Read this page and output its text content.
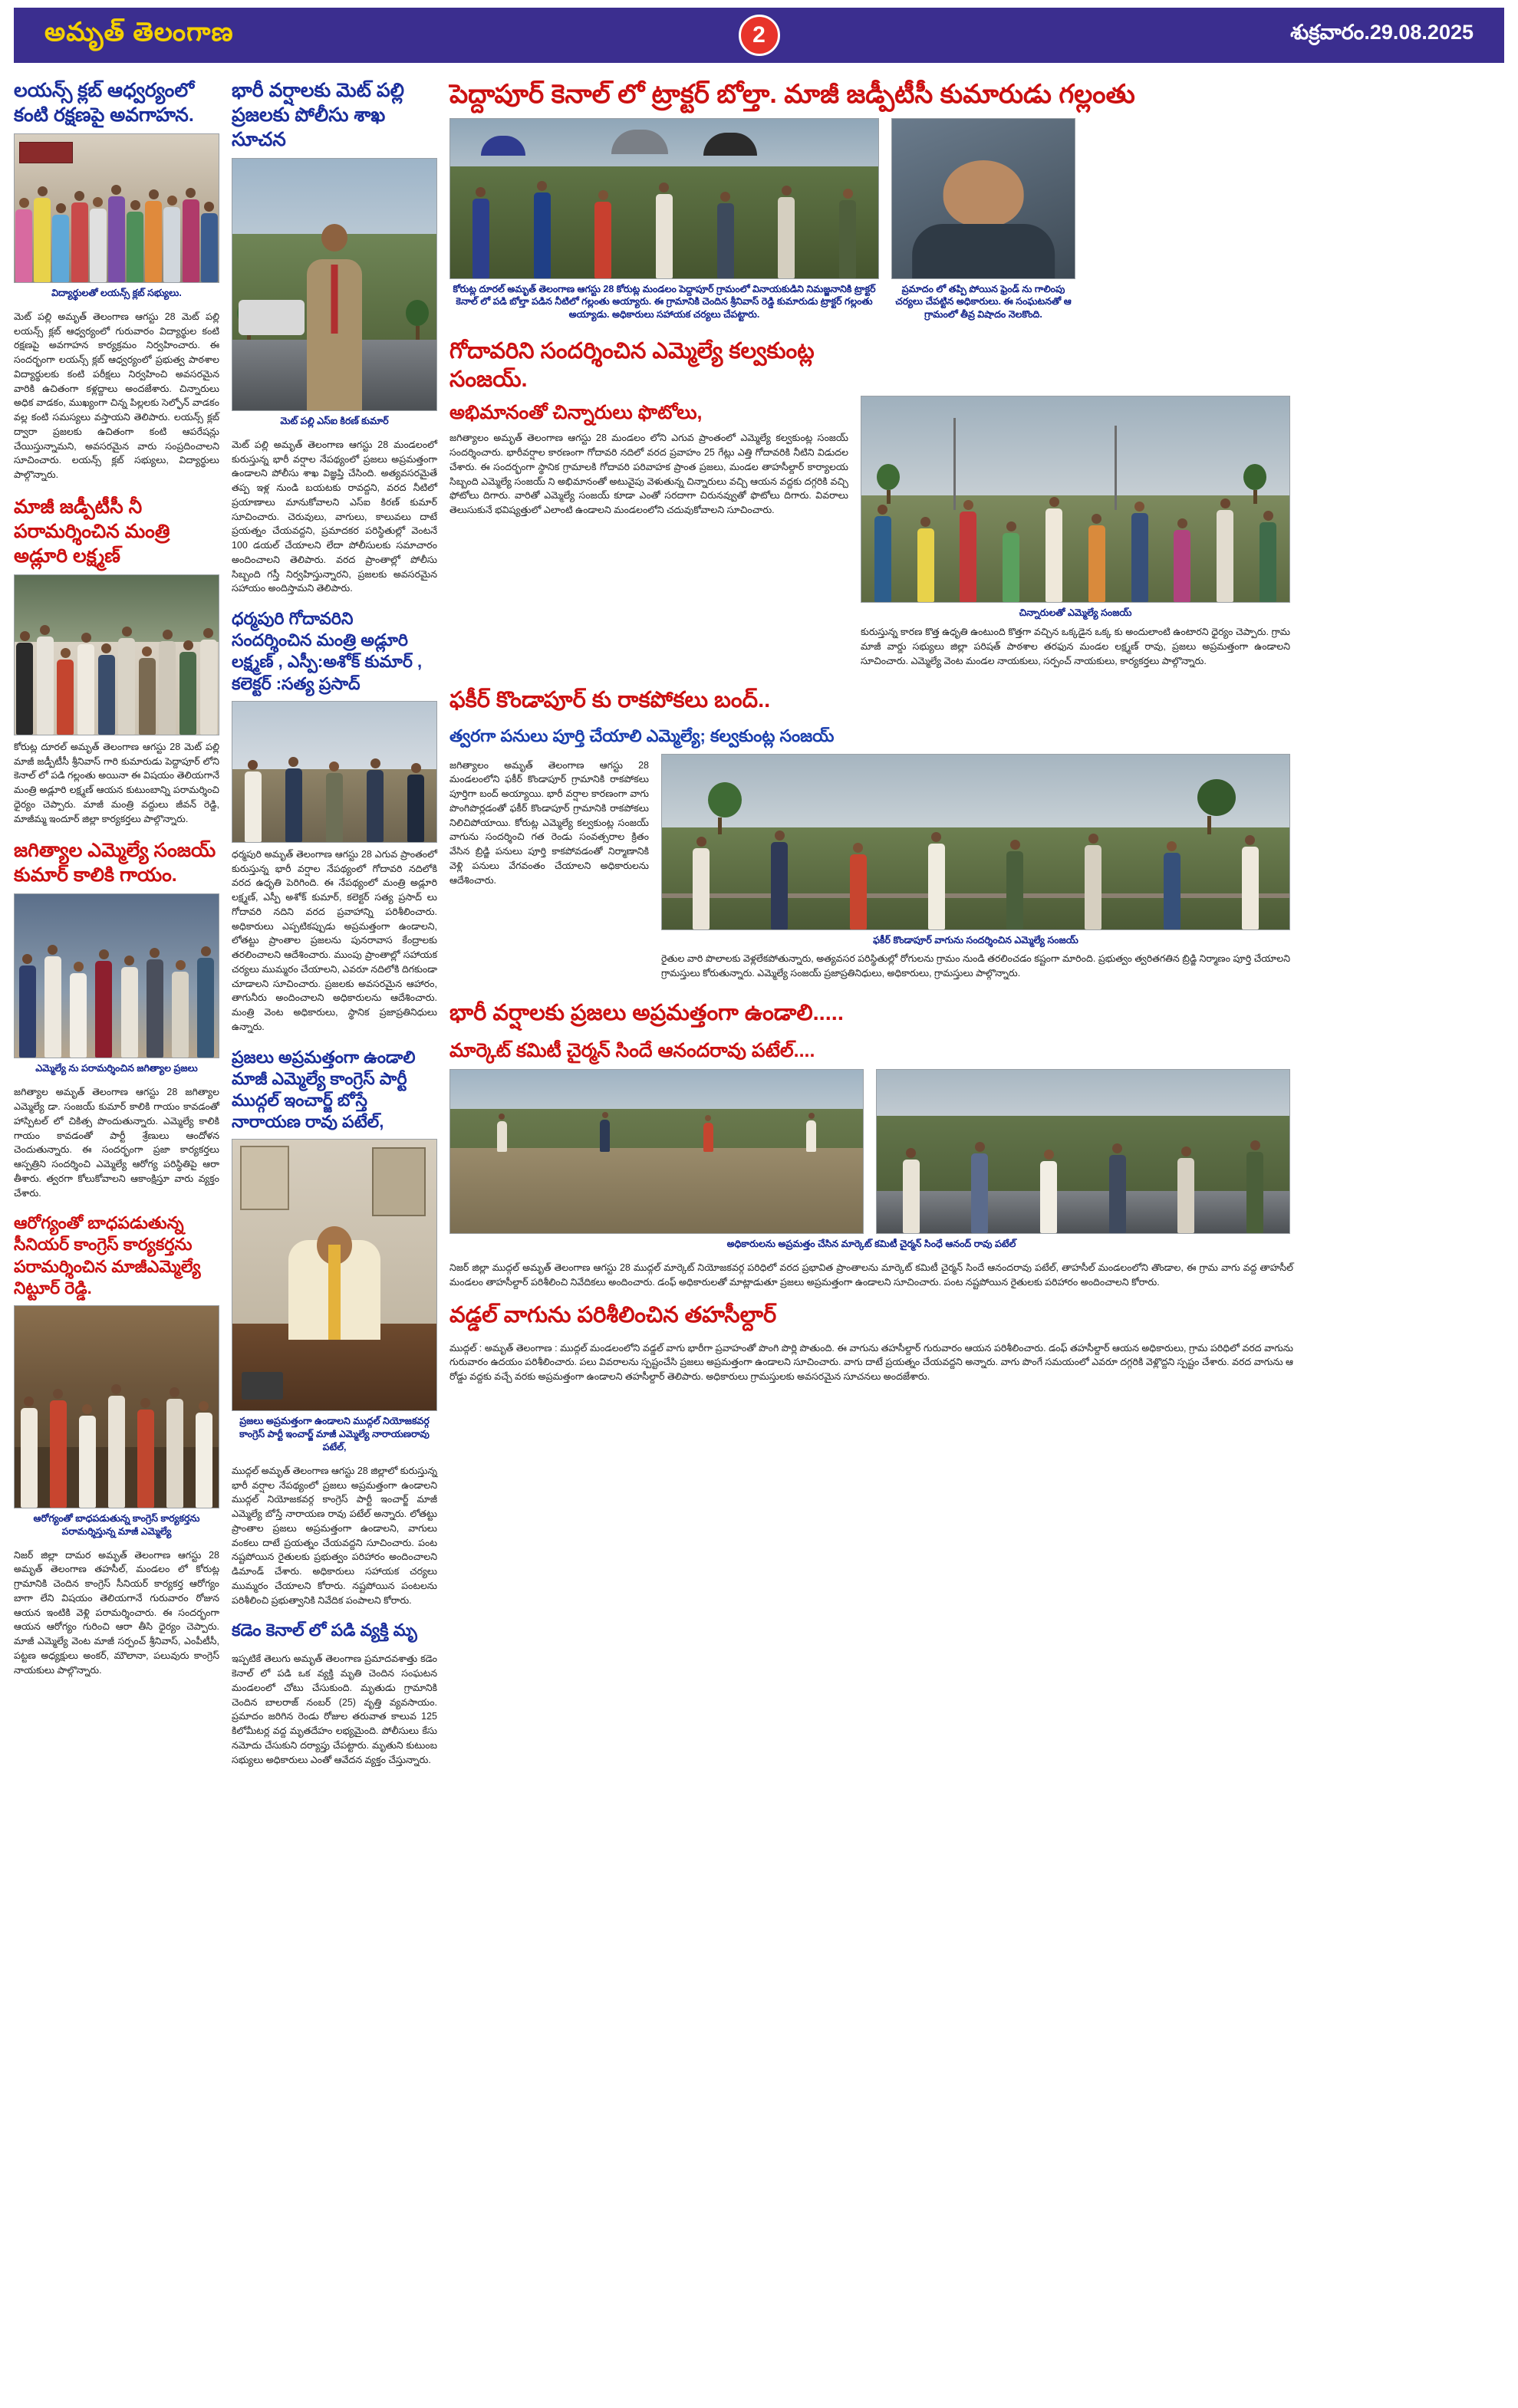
అమృత్ తెలంగాణ	2	శుక్రవారం.29.08.2025
లయన్స్ క్లబ్ ఆధ్వర్యంలో కంటి రక్షణపై అవగాహన.
విద్యార్థులతో లయన్స్ క్లబ్ సభ్యులు.
మెట్ పల్లి అమృత్ తెలంగాణ ఆగస్టు 28 మెట్ పల్లి లయన్స్ క్లబ్ ఆధ్వర్యంలో గురువారం విద్యార్థుల కంటి రక్షణపై అవగాహన కార్యక్రమం నిర్వహించారు. ఈ సందర్భంగా లయన్స్ క్లబ్ ఆధ్వర్యంలో ప్రభుత్వ పాఠశాల విద్యార్థులకు కంటి పరీక్షలు నిర్వహించి అవసరమైన వారికి ఉచితంగా కళ్లద్దాలు అందజేశారు. చిన్నారులు అధిక వాడకం, ముఖ్యంగా చిన్న పిల్లలకు సెల్ఫోన్ వాడకం వల్ల కంటి సమస్యలు వస్తాయని తెలిపారు. లయన్స్ క్లబ్ ద్వారా ప్రజలకు ఉచితంగా కంటి ఆపరేషన్లు చేయిస్తున్నామని, అవసరమైన వారు సంప్రదించాలని సూచించారు. లయన్స్ క్లబ్ సభ్యులు, విద్యార్థులు పాల్గొన్నారు.
మాజీ జడ్పీటీసీ నీ పరామర్శించిన మంత్రి అడ్లూరి లక్ష్మణ్
కోరుట్ల దూరల్ అమృత్ తెలంగాణ ఆగస్టు 28 మెట్ పల్లి మాజీ జడ్పీటీసీ శ్రీనివాస్ గారి కుమారుడు పెద్దాపూర్ లోని కెనాల్ లో పడి గల్లంతు అయినా ఈ విషయం తెలియగానే మంత్రి అడ్లూరి లక్ష్మణ్ ఆయన కుటుంబాన్ని పరామర్శించి ధైర్యం చెప్పారు. మాజీ మంత్రి వద్దులు జీవన్ రెడ్డి, మాజీమ్మ ఇందూర్ జిల్లా కార్యకర్తలు పాల్గొన్నారు.
జగిత్యాల ఎమ్మెల్యే సంజయ్ కుమార్ కాలికి గాయం.
ఎమ్మెల్యే ను పరామర్శించిన జగిత్యాల ప్రజలు
జగిత్యాల అమృత్ తెలంగాణ ఆగస్టు 28 జగిత్యాల ఎమ్మెల్యే డా. సంజయ్ కుమార్ కాలికి గాయం కావడంతో హాస్పిటల్ లో చికిత్స పొందుతున్నారు. ఎమ్మెల్యే కాలికి గాయం కావడంతో పార్టీ శ్రేణులు ఆందోళన చెందుతున్నారు. ఈ సందర్భంగా ప్రజా కార్యకర్తలు ఆస్పత్రిని సందర్శించి ఎమ్మెల్యే ఆరోగ్య పరిస్థితిపై ఆరా తీశారు. త్వరగా కోలుకోవాలని ఆకాంక్షిస్తూ వారు వ్యక్తం చేశారు.
ఆరోగ్యంతో బాధపడుతున్న సీనియర్ కాంగ్రెస్ కార్యకర్తను పరామర్శించిన మాజీఎమ్మెల్యే నిట్టూర్ రెడ్డి.
ఆరోగ్యంతో బాధపడుతున్న కాంగ్రెస్ కార్యకర్తను పరామర్శిస్తున్న మాజీ ఎమ్మెల్యే
నిజర్ జిల్లా దామర అమృత్ తెలంగాణ ఆగస్టు 28 అమృత్ తెలంగాణ తహసీల్, మండలం లో కోరుట్ల గ్రామానికి చెందిన కాంగ్రెస్ సీనియర్ కార్యకర్త ఆరోగ్యం బాగా లేని విషయం తెలియగానే గురువారం రోజున ఆయన ఇంటికి వెళ్లి పరామర్శించారు. ఈ సందర్భంగా ఆయన ఆరోగ్యం గురించి ఆరా తీసి ధైర్యం చెప్పారు. మాజీ ఎమ్మెల్యే వెంట మాజీ సర్పంచ్ శ్రీనివాస్, ఎంపీటీసీ, పట్టణ అధ్యక్షులు అంకర్, మౌలానా, పలువురు కాంగ్రెస్ నాయకులు పాల్గొన్నారు.
భారీ వర్షాలకు మెట్ పల్లి ప్రజలకు పోలీసు శాఖ సూచన
మెట్ పల్లి ఎస్ఐ కిరణ్ కుమార్
మెట్ పల్లి అమృత్ తెలంగాణ ఆగస్టు 28 మండలంలో కురుస్తున్న భారీ వర్షాల నేపథ్యంలో ప్రజలు అప్రమత్తంగా ఉండాలని పోలీసు శాఖ విజ్ఞప్తి చేసింది. అత్యవసరమైతే తప్ప ఇళ్ల నుండి బయటకు రావద్దని, వరద నీటిలో ప్రయాణాలు మానుకోవాలని ఎస్ఐ కిరణ్ కుమార్ సూచించారు. చెరువులు, వాగులు, కాలువలు దాటే ప్రయత్నం చేయవద్దని, ప్రమాదకర పరిస్థితుల్లో వెంటనే 100 డయల్ చేయాలని లేదా పోలీసులకు సమాచారం అందించాలని తెలిపారు. వరద ప్రాంతాల్లో పోలీసు సిబ్బంది గస్తీ నిర్వహిస్తున్నారని, ప్రజలకు అవసరమైన సహాయం అందిస్తామని తెలిపారు.
ధర్మపురి గోదావరిని సందర్శించిన మంత్రి అడ్లూరి లక్ష్మణ్ , ఎస్పీ:అశోక్ కుమార్ , కలెక్టర్ :సత్య ప్రసాద్
ధర్మపురి అమృత్ తెలంగాణ ఆగస్టు 28 ఎగువ ప్రాంతంలో కురుస్తున్న భారీ వర్షాల నేపథ్యంలో గోదావరి నదిలోకి వరద ఉధృతి పెరిగింది. ఈ నేపథ్యంలో మంత్రి అడ్లూరి లక్ష్మణ్, ఎస్పీ అశోక్ కుమార్, కలెక్టర్ సత్య ప్రసాద్ లు గోదావరి నదిని వరద ప్రవాహాన్ని పరిశీలించారు. అధికారులు ఎప్పటికప్పుడు అప్రమత్తంగా ఉండాలని, లోతట్టు ప్రాంతాల ప్రజలను పునరావాస కేంద్రాలకు తరలించాలని ఆదేశించారు. ముంపు ప్రాంతాల్లో సహాయక చర్యలు ముమ్మరం చేయాలని, ఎవరూ నదిలోకి దిగకుండా చూడాలని సూచించారు. ప్రజలకు అవసరమైన ఆహారం, తాగునీరు అందించాలని అధికారులను ఆదేశించారు. మంత్రి వెంట అధికారులు, స్థానిక ప్రజాప్రతినిధులు ఉన్నారు.
ప్రజలు అప్రమత్తంగా ఉండాలి మాజీ ఎమ్మెల్యే కాంగ్రెస్ పార్టీ ముద్గల్ ఇంచార్జ్ బోస్తే నారాయణ రావు పటేల్,
ప్రజలు అప్రమత్తంగా ఉండాలని ముద్గల్ నియోజకవర్గ కాంగ్రెస్ పార్టీ ఇంచార్జ్ మాజీ ఎమ్మెల్యే నారాయణరావు పటేల్,
ముద్గల్ అమృత్ తెలంగాణ ఆగస్టు 28 జిల్లాలో కురుస్తున్న భారీ వర్షాల నేపథ్యంలో ప్రజలు అప్రమత్తంగా ఉండాలని ముద్గల్ నియోజకవర్గ కాంగ్రెస్ పార్టీ ఇంచార్జ్ మాజీ ఎమ్మెల్యే బోస్తే నారాయణ రావు పటేల్ అన్నారు. లోతట్టు ప్రాంతాల ప్రజలు అప్రమత్తంగా ఉండాలని, వాగులు వంకలు దాటే ప్రయత్నం చేయవద్దని సూచించారు. పంట నష్టపోయిన రైతులకు ప్రభుత్వం పరిహారం అందించాలని డిమాండ్ చేశారు. అధికారులు సహాయక చర్యలు ముమ్మరం చేయాలని కోరారు. నష్టపోయిన పంటలను పరిశీలించి ప్రభుత్వానికి నివేదిక పంపాలని కోరారు.
కడెం కెనాల్ లో పడి వ్యక్తి మృ
ఇప్పటికే తెలుగు అమృత్ తెలంగాణ ప్రమాదవశాత్తు కడెం కెనాల్ లో పడి ఒక వ్యక్తి మృతి చెందిన సంఘటన మండలంలో చోటు చేసుకుంది. మృతుడు గ్రామానికి చెందిన బాలరాజ్ నంబర్ (25) వృత్తి వ్యవసాయం. ప్రమాదం జరిగిన రెండు రోజుల తరువాత కాలువ 125 కిలోమీటర్ల వద్ద మృతదేహం లభ్యమైంది. పోలీసులు కేసు నమోదు చేసుకుని దర్యాప్తు చేపట్టారు. మృతుని కుటుంబ సభ్యులు అధికారులు ఎంతో ఆవేదన వ్యక్తం చేస్తున్నారు.
పెద్దాపూర్ కెనాల్ లో ట్రాక్టర్ బోల్తా. మాజీ జడ్పీటీసీ కుమారుడు గల్లంతు
కోరుట్ల దూరల్ అమృత్ తెలంగాణ ఆగస్టు 28 కోరుట్ల మండలం పెద్దాపూర్ గ్రామంలో వినాయకుడిని నిమజ్జనానికి ట్రాక్టర్ కెనాల్ లో పడి బోల్తా పడిన నీటిలో గల్లంతు అయ్యారు. ఈ గ్రామానికి చెందిన శ్రీనివాస్ రెడ్డి కుమారుడు ట్రాక్టర్ గల్లంతు అయ్యాడు. అధికారులు సహాయక చర్యలు చేపట్టారు.
ప్రమాదం లో తప్పి పోయిన ఫ్రెండ్ ను గాలింపు చర్యలు చేపట్టిన అధికారులు. ఈ సంఘటనతో ఆ గ్రామంలో తీవ్ర విషాదం నెలకొంది.
గోదావరిని సందర్శించిన ఎమ్మెల్యే కల్వకుంట్ల సంజయ్.
అభిమానంతో చిన్నారులు ఫొటోలు,
జగిత్యాలం అమృత్ తెలంగాణ ఆగస్టు 28 మండలం లోని ఎగువ ప్రాంతంలో ఎమ్మెల్యే కల్వకుంట్ల సంజయ్ సందర్శించారు. భారీవర్షాల కారణంగా గోదావరి నదిలో వరద ప్రవాహం 25 గేట్లు ఎత్తి గోదావరికి నీటిని విడుదల చేశారు. ఈ సందర్భంగా స్థానిక గ్రామాలకి గోదావరి పరివాహక ప్రాంత ప్రజలు, మండల తాహసీల్దార్ కార్యాలయ సిబ్బంది ఎమ్మెల్యే సంజయ్ ని అభిమానంతో అటువైపు వెళుతున్న చిన్నారులు వచ్చి ఆయన వద్దకు దగ్గరికి వచ్చి ఫోటోలు దిగారు. వారితో ఎమ్మెల్యే సంజయ్ కూడా ఎంతో సరదాగా చిరునవ్వుతో ఫొటోలు దిగారు. వివరాలు తెలుసుకునే భవిష్యత్తులో ఎలాంటి ఉండాలని మండలంలోని చదువుకోవాలని సూచించారు.
చిన్నారులతో ఎమ్మెల్యే సంజయ్
కురుస్తున్న కారణ కొత్త ఉధృతి ఉంటుంది కొత్తగా వచ్చిన ఒక్కడైన ఒక్క కు అందులాంటి ఉంటారని ధైర్యం చెప్పారు. గ్రామ మాజీ వార్డు సభ్యులు జిల్లా పరిషత్ పాఠశాల తరఫున మండల లక్ష్మణ్ రావు, ప్రజలు అప్రమత్తంగా ఉండాలని సూచించారు. ఎమ్మెల్యే వెంట మండల నాయకులు, సర్పంచ్ నాయకులు, కార్యకర్తలు పాల్గొన్నారు.
ఫకీర్ కొండాపూర్ కు రాకపోకలు బంద్..
త్వరగా పనులు పూర్తి చేయాలి ఎమ్మెల్యే; కల్వకుంట్ల సంజయ్
జగిత్యాలం అమృత్ తెలంగాణ ఆగస్టు 28 మండలంలోని ఫకీర్ కొండాపూర్ గ్రామానికి రాకపోకలు పూర్తిగా బంద్ అయ్యాయి. భారీ వర్షాల కారణంగా వాగు పొంగిపొర్లడంతో ఫకీర్ కొండాపూర్ గ్రామానికి రాకపోకలు నిలిచిపోయాయి. కోరుట్ల ఎమ్మెల్యే కల్వకుంట్ల సంజయ్ వాగును సందర్శించి గత రెండు సంవత్సరాల క్రితం వేసిన బ్రిడ్జి పనులు పూర్తి కాకపోవడంతో నిర్మాణానికి వెళ్లి పనులు వేగవంతం చేయాలని అధికారులను ఆదేశించారు.
ఫకీర్ కొండాపూర్ వాగును సందర్శించిన ఎమ్మెల్యే సంజయ్
రైతుల వారి పొలాలకు వెళ్లలేకపోతున్నారు, అత్యవసర పరిస్థితుల్లో రోగులను గ్రామం నుండి తరలించడం కష్టంగా మారింది. ప్రభుత్వం త్వరితగతిన బ్రిడ్జి నిర్మాణం పూర్తి చేయాలని గ్రామస్తులు కోరుతున్నారు. ఎమ్మెల్యే సంజయ్ ప్రజాప్రతినిధులు, అధికారులు, గ్రామస్తులు పాల్గొన్నారు.
భారీ వర్షాలకు ప్రజలు అప్రమత్తంగా ఉండాలి.....
మార్కెట్ కమిటీ చైర్మన్ సిందే ఆనందరావు పటేల్....
అధికారులను అప్రమత్తం చేసిన మార్కెట్ కమిటీ చైర్మన్ సింధే ఆనంద్ రావు పటేల్
నిజర్ జిల్లా ముద్గల్ అమృత్ తెలంగాణ ఆగస్టు 28 ముద్గల్ మార్కెట్ నియోజకవర్గ పరిధిలో వరద ప్రభావిత ప్రాంతాలను మార్కెట్ కమిటీ చైర్మన్ సిందే ఆనందరావు పటేల్, తాహసీల్ మండలంలోని తొండాల, ఈ గ్రామ వాగు వద్ద తాహసీల్ మండలం తాహసీల్దార్ పరిశీలించి నివేదికలు అందించారు. డంఫ్ అధికారులతో మాట్లాడుతూ ప్రజలు అప్రమత్తంగా ఉండాలని సూచించారు. పంట నష్టపోయిన రైతులకు పరిహారం అందించాలని కోరారు.
వడ్డల్ వాగును పరిశీలించిన తహసీల్దార్
ముద్గల్ : అమృత్ తెలంగాణ : ముద్గల్ మండలంలోని వడ్డల్ వాగు భారీగా ప్రవాహంతో పొంగి పొర్లి పొతుంది. ఈ వాగును తహసీల్దార్ గురువారం ఆయన పరిశీలించారు. డంఫ్ తహసీల్దార్ ఆయన అధికారులు, గ్రామ పరిధిలో వరద వాగును గురువారం ఉదయం పరిశీలించారు. పలు వివరాలను స్పష్టంచేసి ప్రజలు అప్రమత్తంగా ఉండాలని సూచించారు. వాగు దాటే ప్రయత్నం చేయవద్దని అన్నారు. వాగు పొంగే సమయంలో ఎవరూ దగ్గరికి వెళ్లొద్దని స్పష్టం చేశారు. వరద వాగును ఆ రోడ్డు వద్దకు వచ్చే వరకు అప్రమత్తంగా ఉండాలని తహసీల్దార్ తెలిపారు. అధికారులు గ్రామస్తులకు అవసరమైన సూచనలు అందజేశారు.
